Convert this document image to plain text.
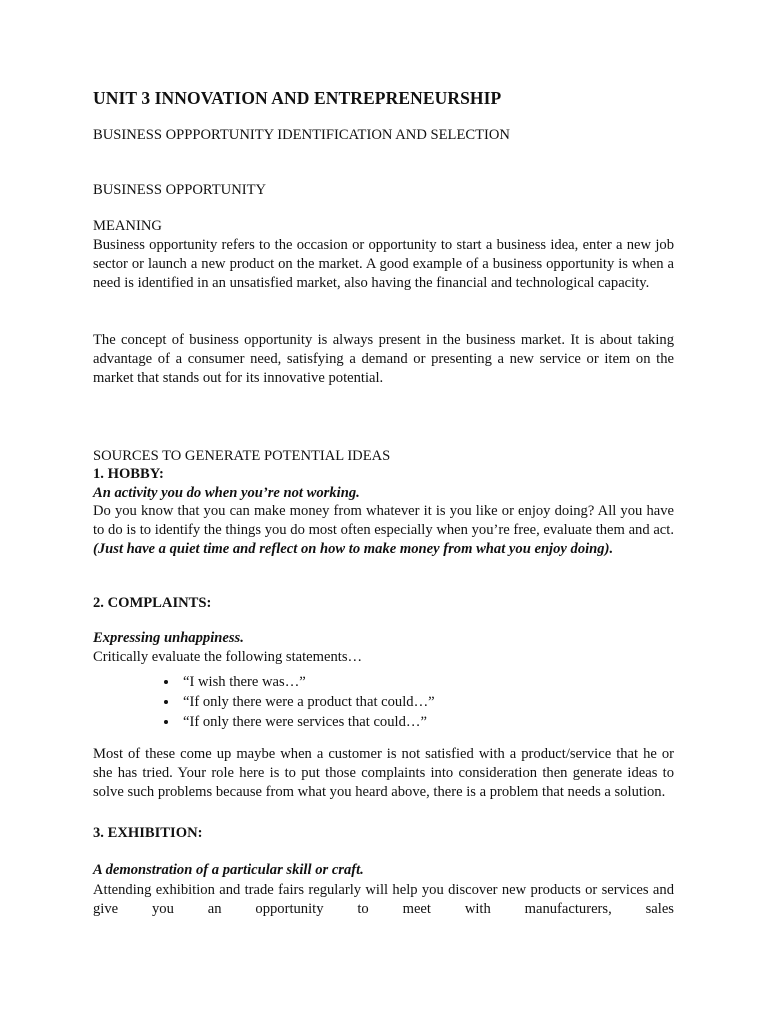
UNIT 3 INNOVATION AND ENTREPRENEURSHIP
BUSINESS OPPPORTUNITY IDENTIFICATION AND SELECTION
BUSINESS OPPORTUNITY
MEANING

Business opportunity refers to the occasion or opportunity to start a business idea, enter a new job sector or launch a new product on the market. A good example of a business opportunity is when a need is identified in an unsatisfied market, also having the financial and technological capacity.

The concept of business opportunity is always present in the business market. It is about taking advantage of a consumer need, satisfying a demand or presenting a new service or item on the market that stands out for its innovative potential.

SOURCES TO GENERATE POTENTIAL IDEAS
1. HOBBY:
An activity you do when you’re not working.

Do you know that you can make money from whatever it is you like or enjoy doing? All you have to do is to identify the things you do most often especially when you’re free, evaluate them and act. (Just have a quiet time and reflect on how to make money from what you enjoy doing).

2. COMPLAINTS:
Expressing unhappiness.
Critically evaluate the following statements…
“I wish there was…”
“If only there were a product that could…”
“If only there were services that could…”

Most of these come up maybe when a customer is not satisfied with a product/service that he or she has tried. Your role here is to put those complaints into consideration then generate ideas to solve such problems because from what you heard above, there is a problem that needs a solution.

3. EXHIBITION:
A demonstration of a particular skill or craft.

Attending exhibition and trade fairs regularly will help you discover new products or services and give you an opportunity to meet with manufacturers, sales
